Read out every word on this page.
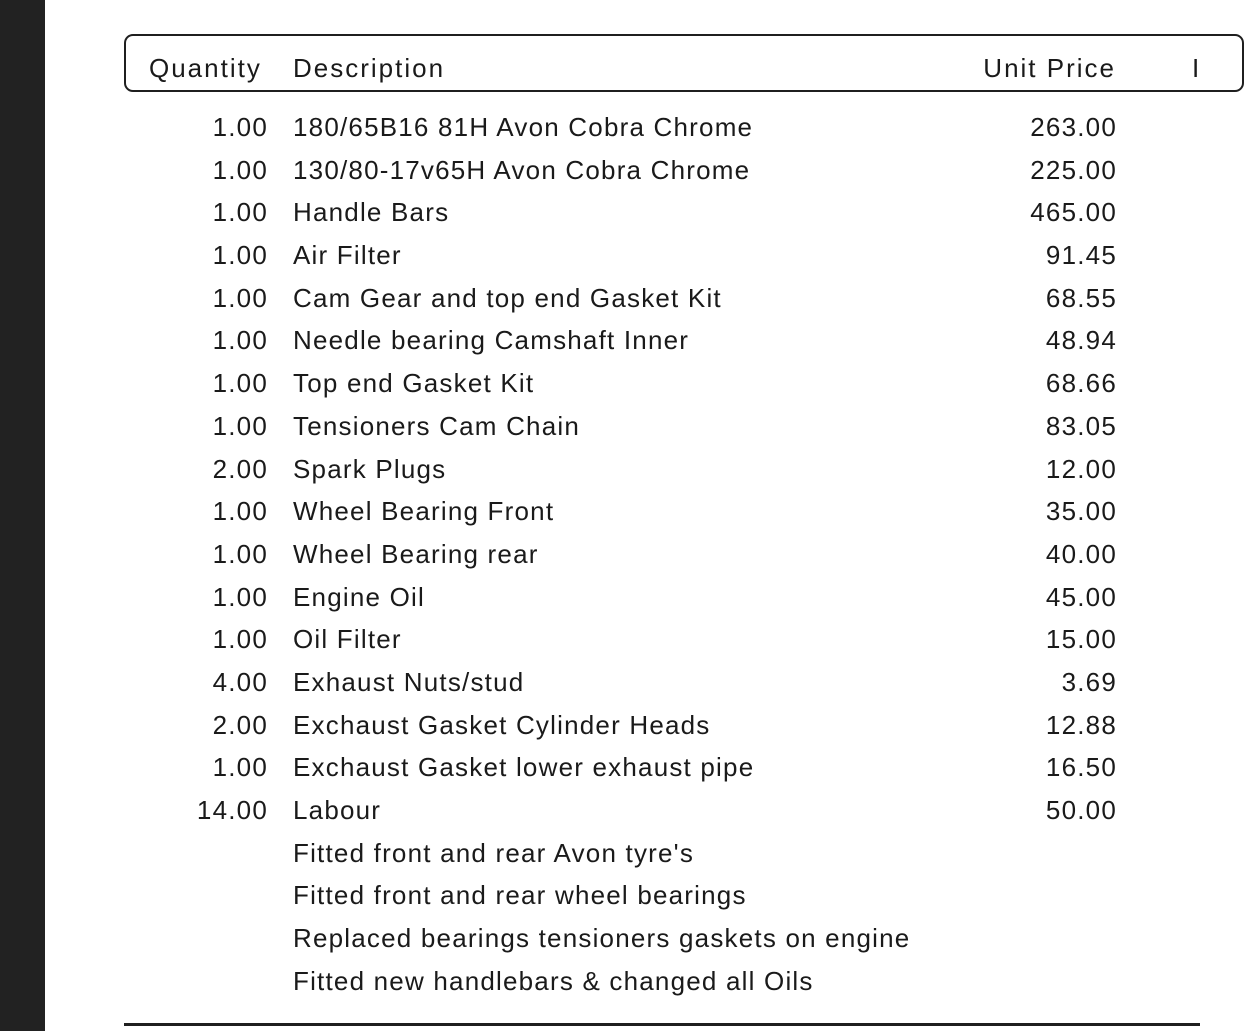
Quantity Description	Unit Price	I
1.00 180/65B16 81H Avon Cobra Chrome	263.00
1.00 130/80-17v65H Avon Cobra Chrome	225.00
1.00 Handle Bars	465.00
1.00 Air Filter	91.45
1.00 Cam Gear and top end Gasket Kit	68.55
1.00 Needle bearing Camshaft Inner	48.94
1.00 Top end Gasket Kit	68.66
1.00 Tensioners Cam Chain	83.05
2.00 Spark Plugs	12.00
1.00 Wheel Bearing Front	35.00
1.00 Wheel Bearing rear	40.00
1.00 Engine Oil	45.00
1.00 Oil Filter	15.00
4.00 Exhaust Nuts/stud	3.69
2.00 Exchaust Gasket Cylinder Heads	12.88
1.00 Exchaust Gasket lower exhaust pipe	16.50
14.00 Labour	50.00
Fitted front and rear Avon tyre's
Fitted front and rear wheel bearings
Replaced bearings tensioners gaskets on engine
Fitted new handlebars & changed all Oils
